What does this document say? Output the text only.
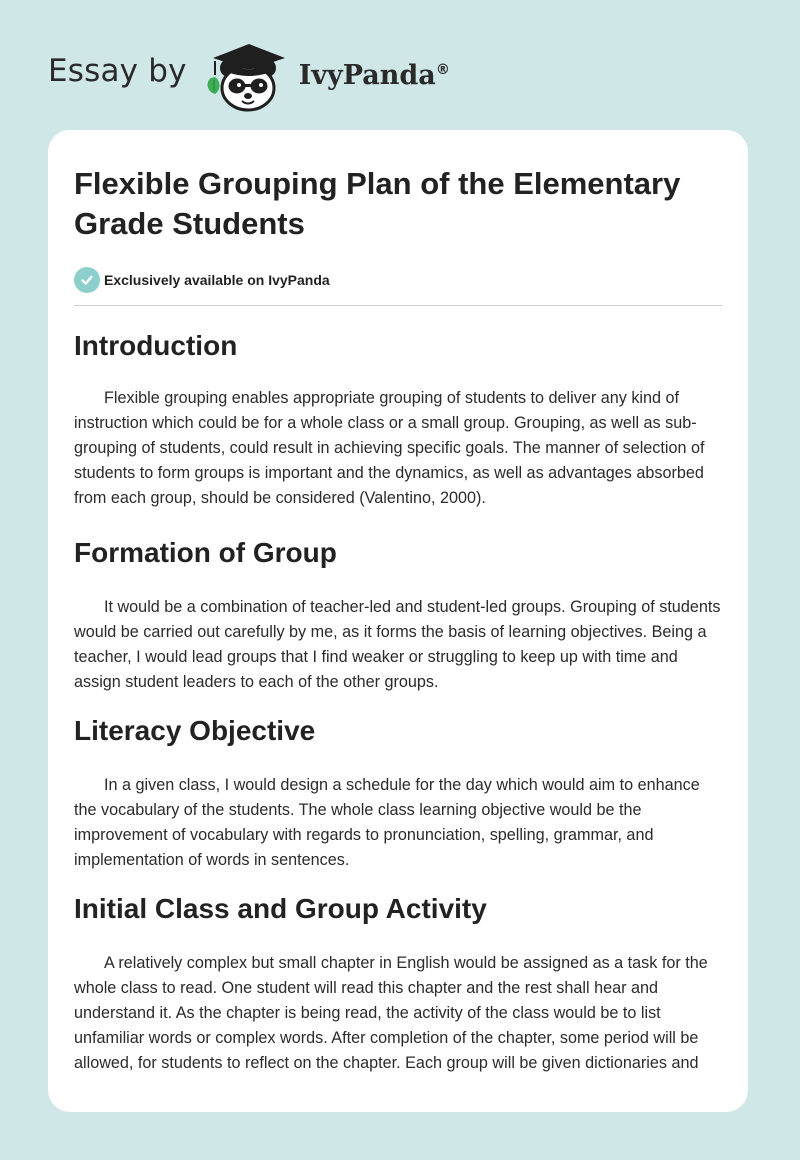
Essay by	IvyPanda®
Flexible Grouping Plan of the Elementary Grade Students
Exclusively available on IvyPanda
Introduction

Flexible grouping enables appropriate grouping of students to deliver any kind of instruction which could be for a whole class or a small group. Grouping, as well as sub-grouping of students, could result in achieving specific goals. The manner of selection of students to form groups is important and the dynamics, as well as advantages absorbed from each group, should be considered (Valentino, 2000).

Formation of Group

It would be a combination of teacher-led and student-led groups. Grouping of students would be carried out carefully by me, as it forms the basis of learning objectives. Being a teacher, I would lead groups that I find weaker or struggling to keep up with time and assign student leaders to each of the other groups.

Literacy Objective

In a given class, I would design a schedule for the day which would aim to enhance the vocabulary of the students. The whole class learning objective would be the improvement of vocabulary with regards to pronunciation, spelling, grammar, and implementation of words in sentences.

Initial Class and Group Activity

A relatively complex but small chapter in English would be assigned as a task for the whole class to read. One student will read this chapter and the rest shall hear and understand it. As the chapter is being read, the activity of the class would be to list unfamiliar words or complex words. After completion of the chapter, some period will be allowed, for students to reflect on the chapter. Each group will be given dictionaries and
